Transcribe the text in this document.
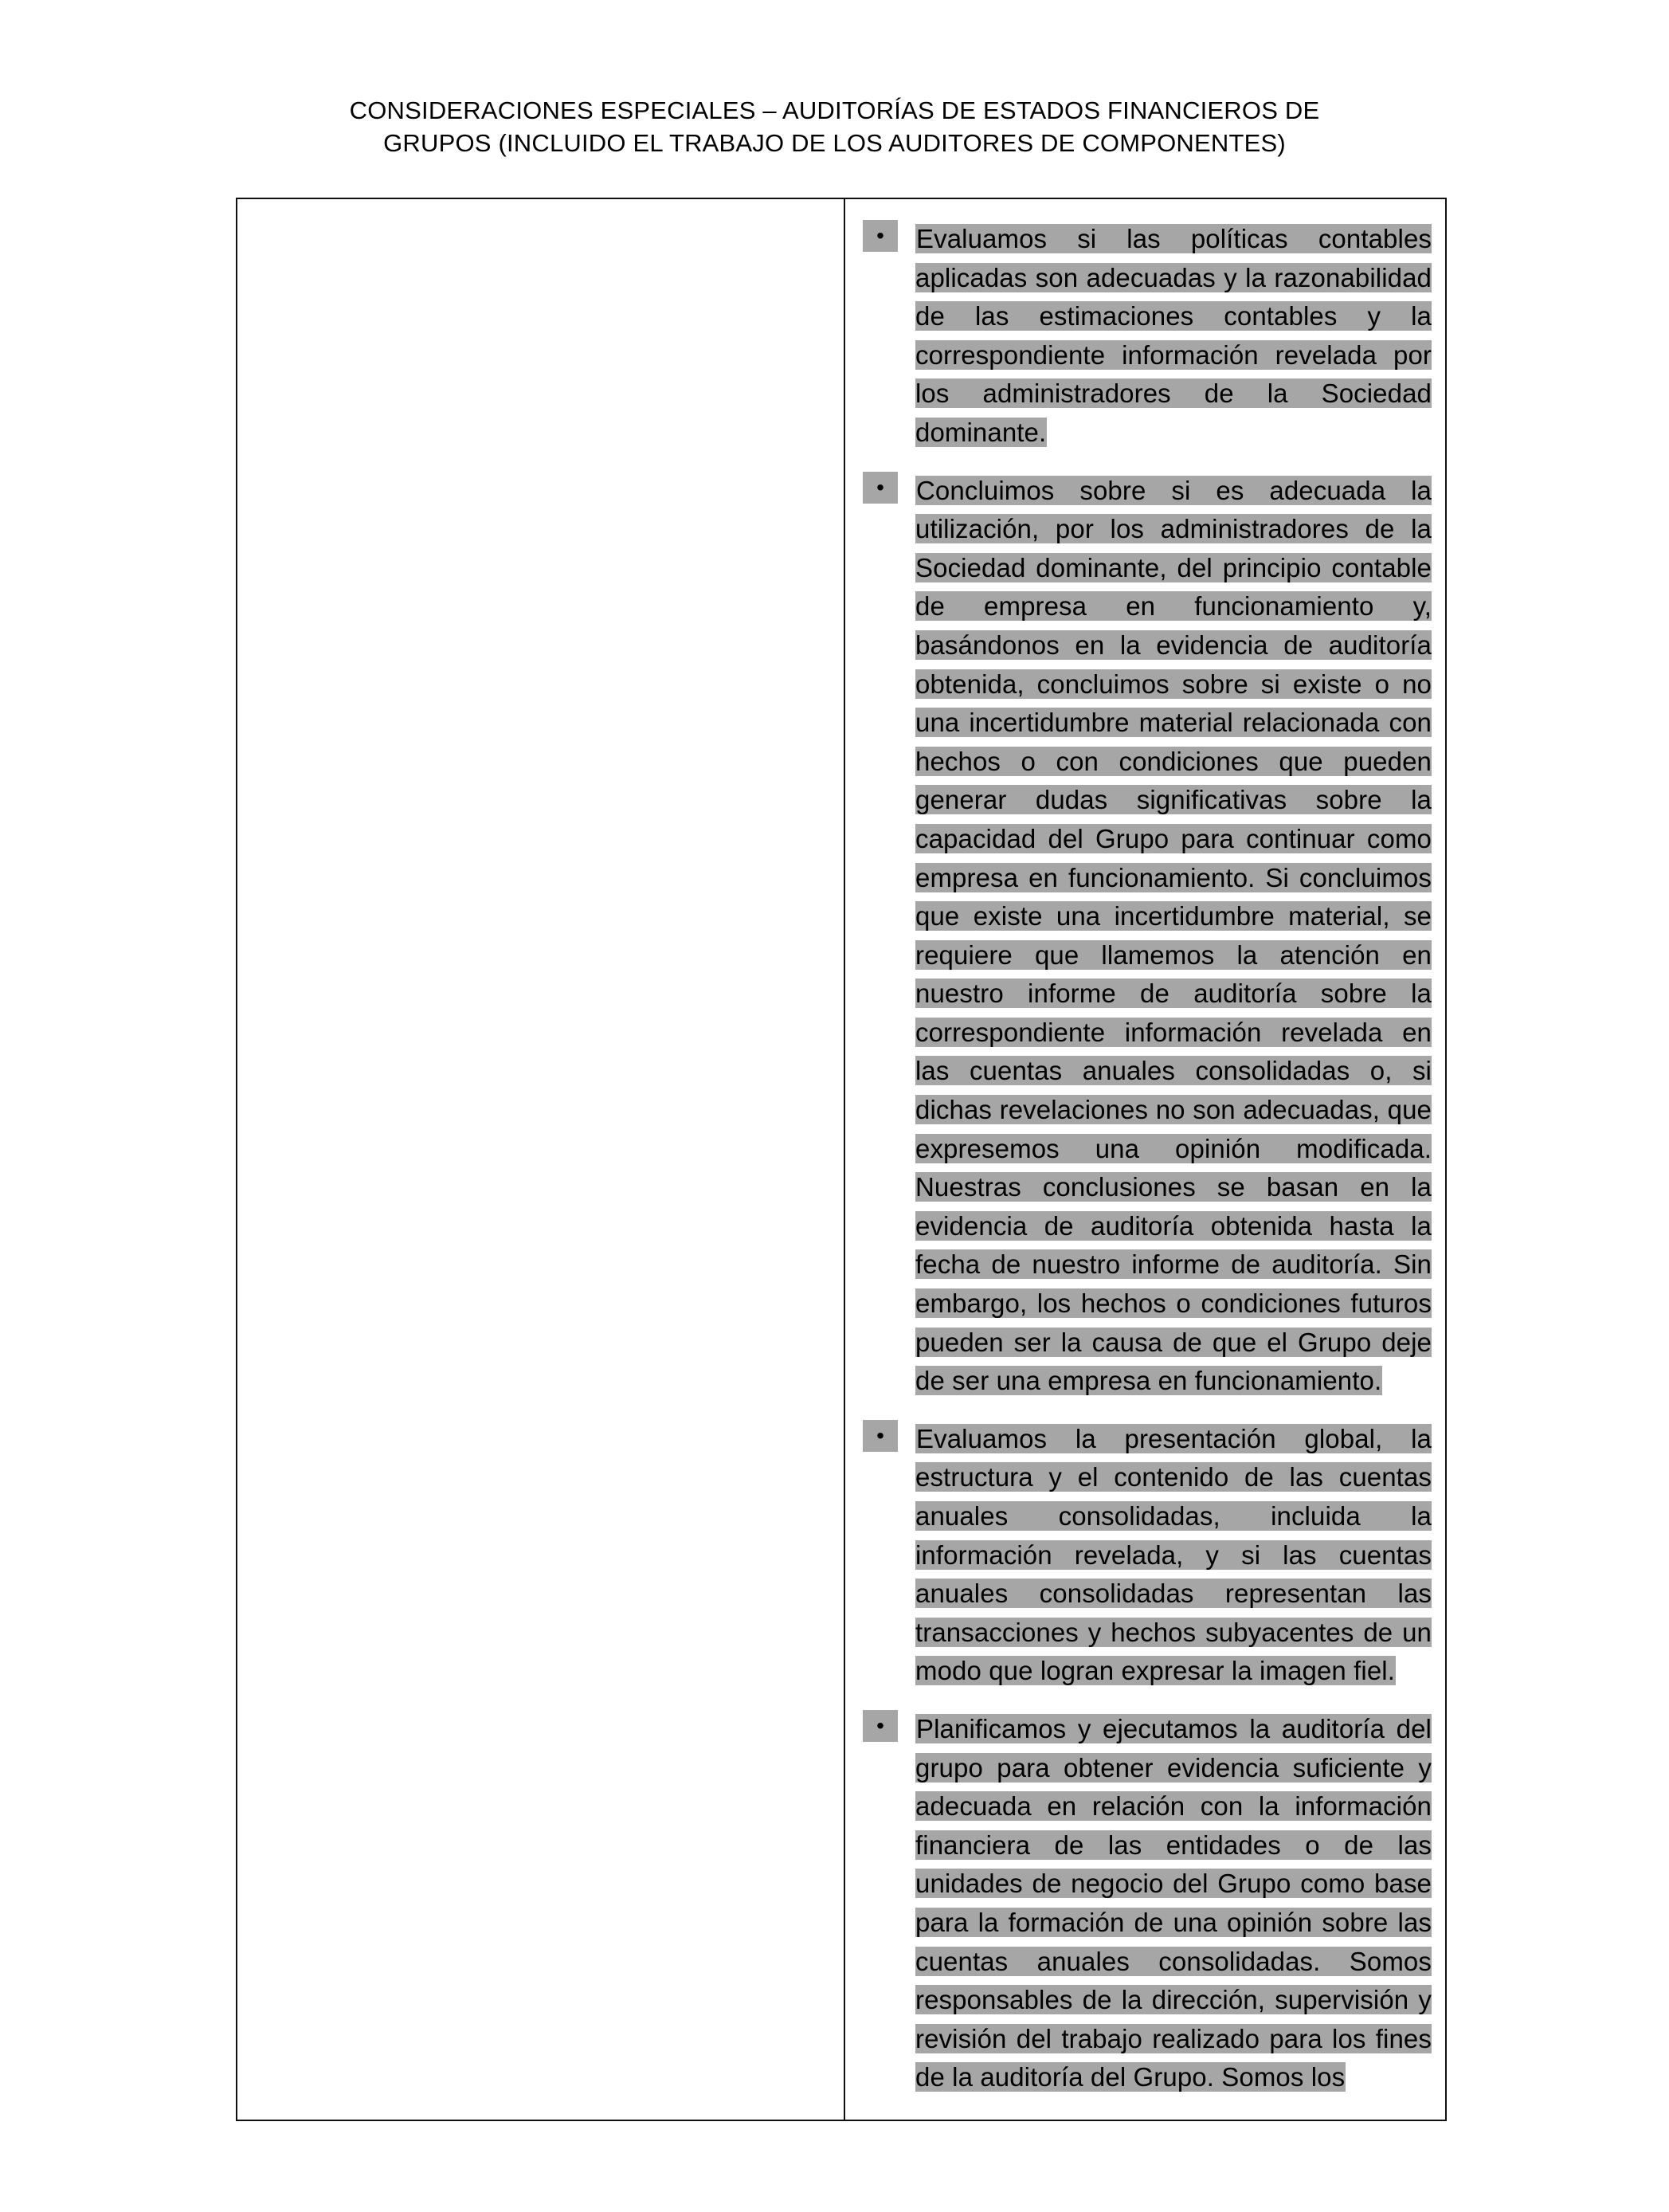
CONSIDERACIONES ESPECIALES – AUDITORÍAS DE ESTADOS FINANCIEROS DE
GRUPOS (INCLUIDO EL TRABAJO DE LOS AUDITORES DE COMPONENTES)
•	Evaluamos si las políticas contables aplicadas son adecuadas y la razonabilidad de las estimaciones contables y la correspondiente información revelada por los administradores de la Sociedad dominante.

•	Concluimos sobre si es adecuada la utilización, por los administradores de la Sociedad dominante, del principio contable de empresa en funcionamiento y, basándonos en la evidencia de auditoría obtenida, concluimos sobre si existe o no una incertidumbre material relacionada con hechos o con condiciones que pueden generar dudas significativas sobre la capacidad del Grupo para continuar como empresa en funcionamiento. Si concluimos que existe una incertidumbre material, se requiere que llamemos la atención en nuestro informe de auditoría sobre la correspondiente información revelada en las cuentas anuales consolidadas o, si dichas revelaciones no son adecuadas, que expresemos una opinión modificada. Nuestras conclusiones se basan en la evidencia de auditoría obtenida hasta la fecha de nuestro informe de auditoría. Sin embargo, los hechos o condiciones futuros pueden ser la causa de que el Grupo deje de ser una empresa en funcionamiento.

•	Evaluamos la presentación global, la estructura y el contenido de las cuentas anuales consolidadas, incluida la información revelada, y si las cuentas anuales consolidadas representan las transacciones y hechos subyacentes de un modo que logran expresar la imagen fiel.

•	Planificamos y ejecutamos la auditoría del grupo para obtener evidencia suficiente y adecuada en relación con la información financiera de las entidades o de las unidades de negocio del Grupo como base para la formación de una opinión sobre las cuentas anuales consolidadas. Somos responsables de la dirección, supervisión y revisión del trabajo realizado para los fines de la auditoría del Grupo. Somos los
